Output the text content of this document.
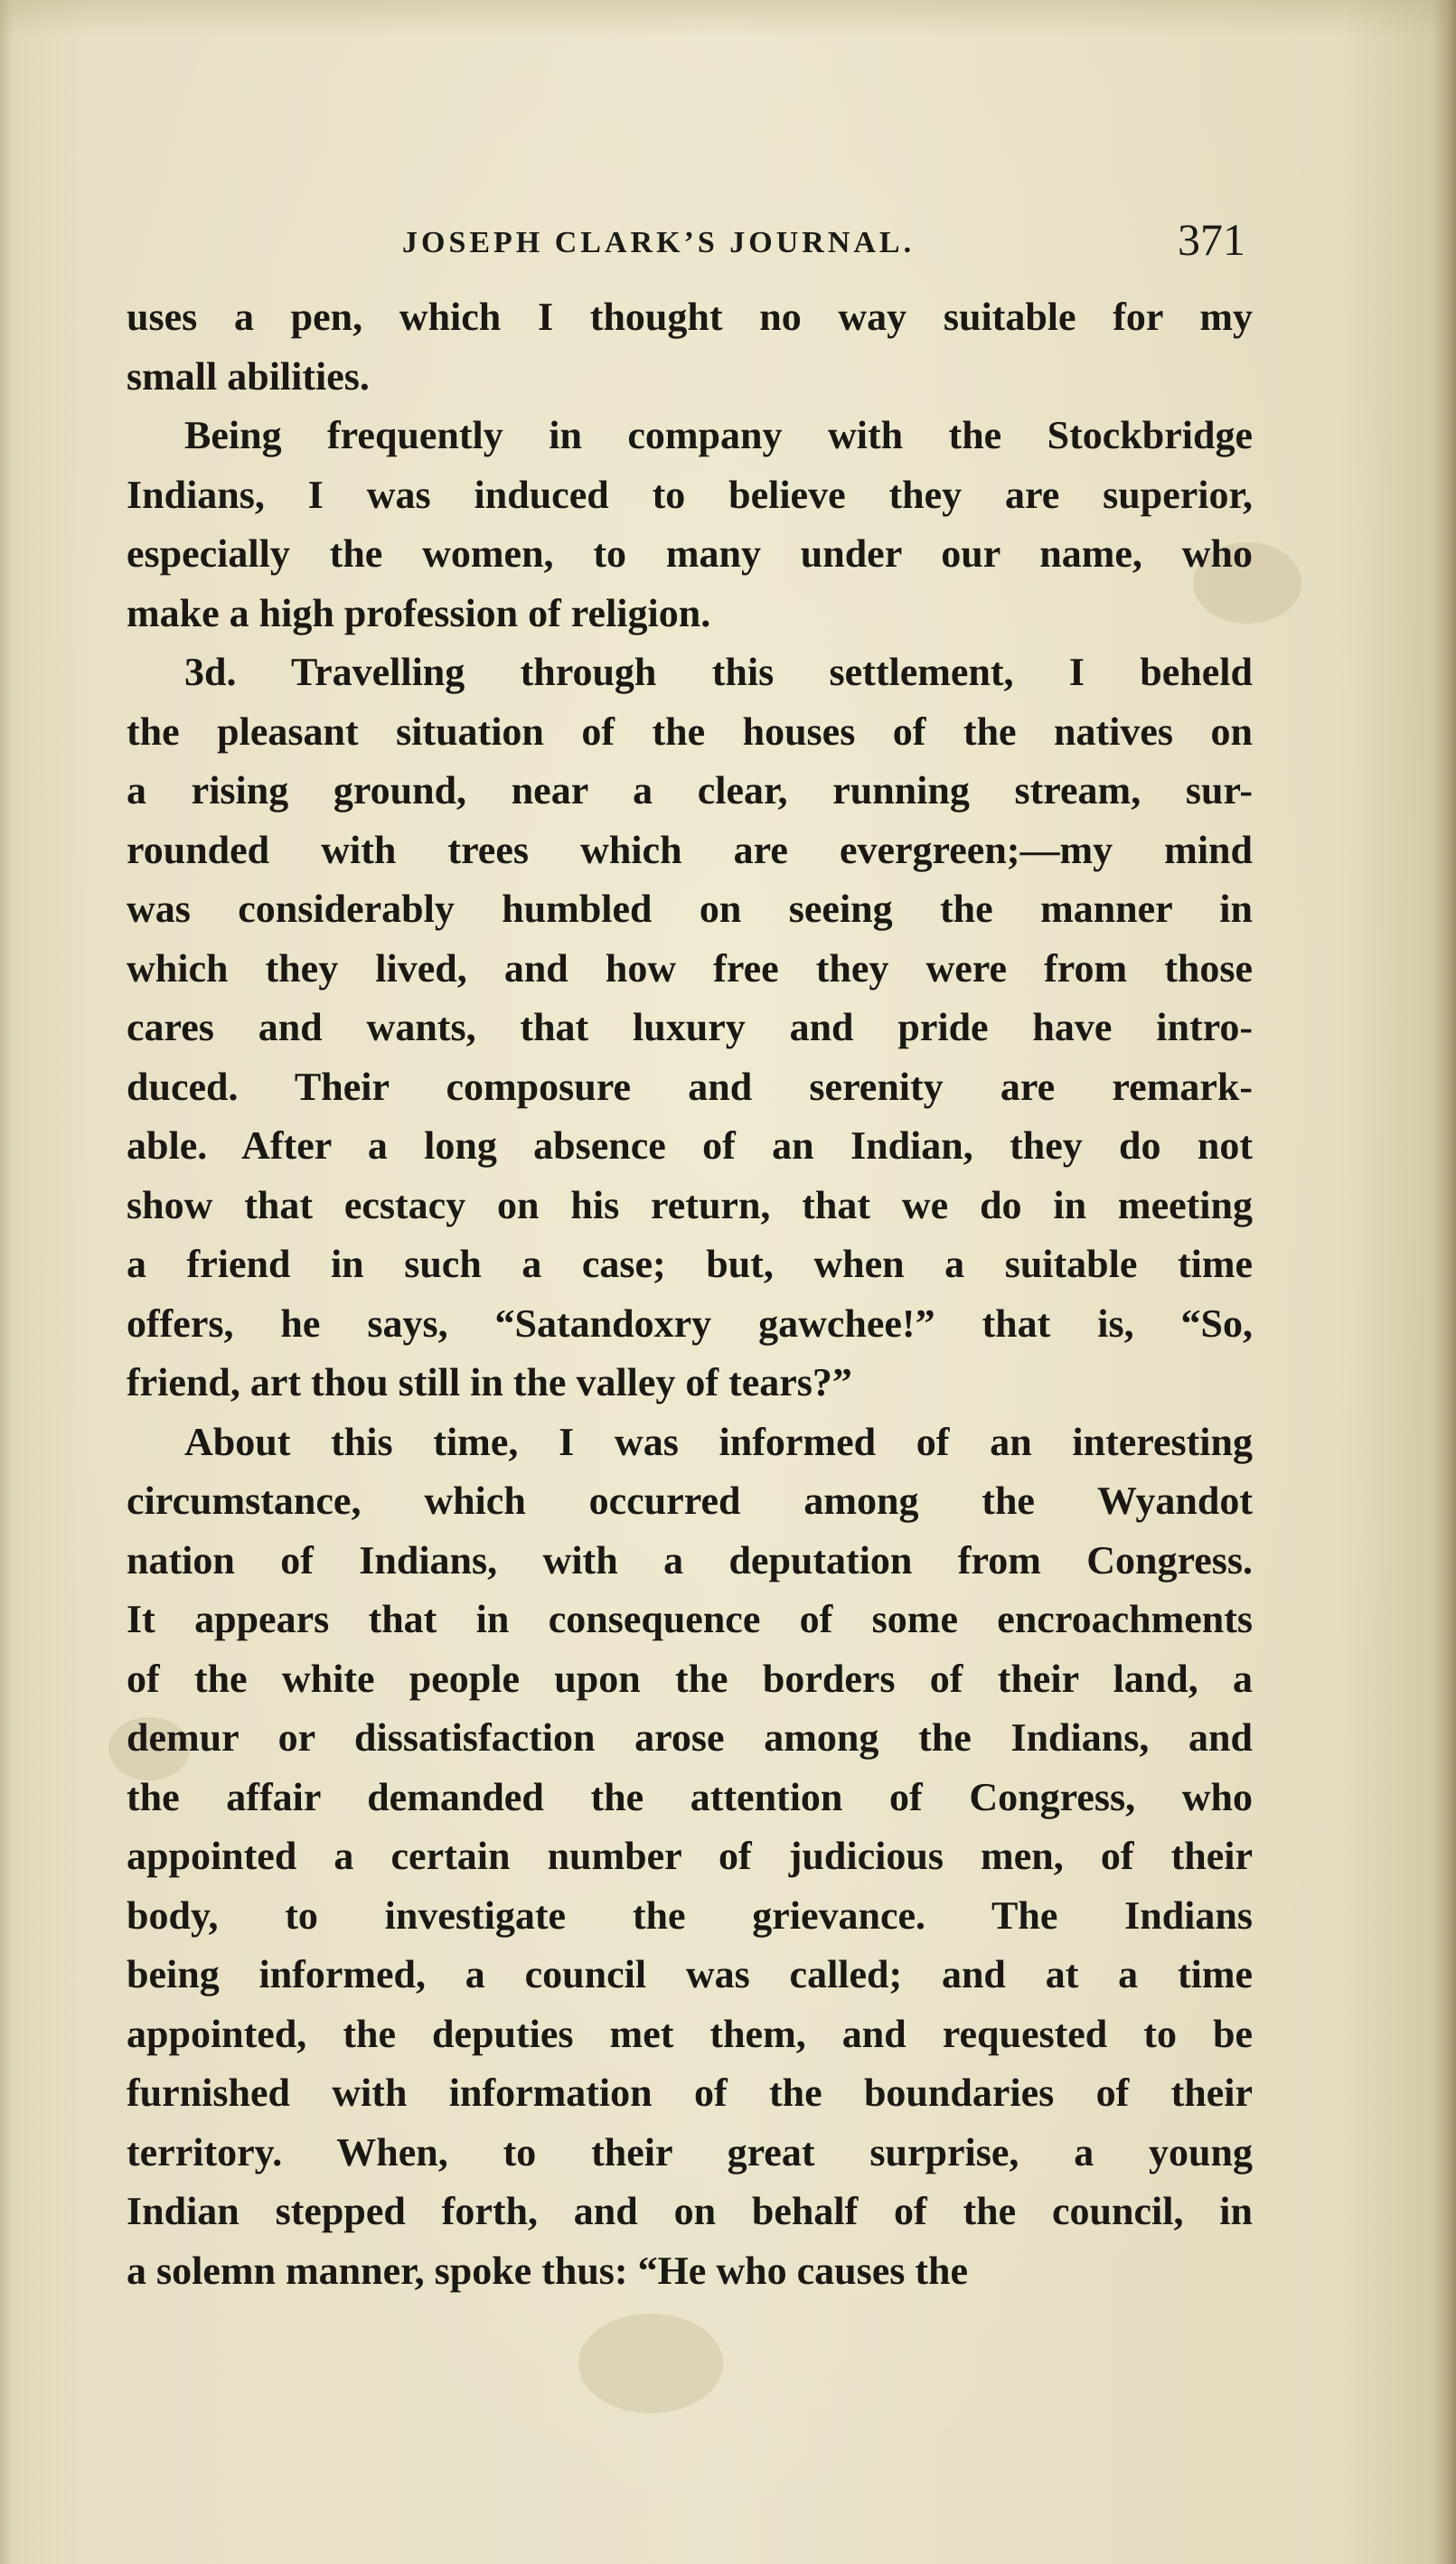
JOSEPH CLARK’S JOURNAL.	371
uses a pen, which I thought no way suitable for my
small abilities.
Being frequently in company with the Stockbridge
Indians, I was induced to believe they are superior,
especially the women, to many under our name, who
make a high profession of religion.
3d. Travelling through this settlement, I beheld
the pleasant situation of the houses of the natives on
a rising ground, near a clear, running stream, sur-
rounded with trees which are evergreen;—my mind
was considerably humbled on seeing the manner in
which they lived, and how free they were from those
cares and wants, that luxury and pride have intro-
duced. Their composure and serenity are remark-
able. After a long absence of an Indian, they do not
show that ecstacy on his return, that we do in meeting
a friend in such a case; but, when a suitable time
offers, he says, “Satandoxry gawchee!” that is, “So,
friend, art thou still in the valley of tears?”
About this time, I was informed of an interesting
circumstance, which occurred among the Wyandot
nation of Indians, with a deputation from Congress.
It appears that in consequence of some encroachments
of the white people upon the borders of their land, a
demur or dissatisfaction arose among the Indians, and
the affair demanded the attention of Congress, who
appointed a certain number of judicious men, of their
body, to investigate the grievance. The Indians
being informed, a council was called; and at a time
appointed, the deputies met them, and requested to be
furnished with information of the boundaries of their
territory. When, to their great surprise, a young
Indian stepped forth, and on behalf of the council, in
a solemn manner, spoke thus: “He who causes the
